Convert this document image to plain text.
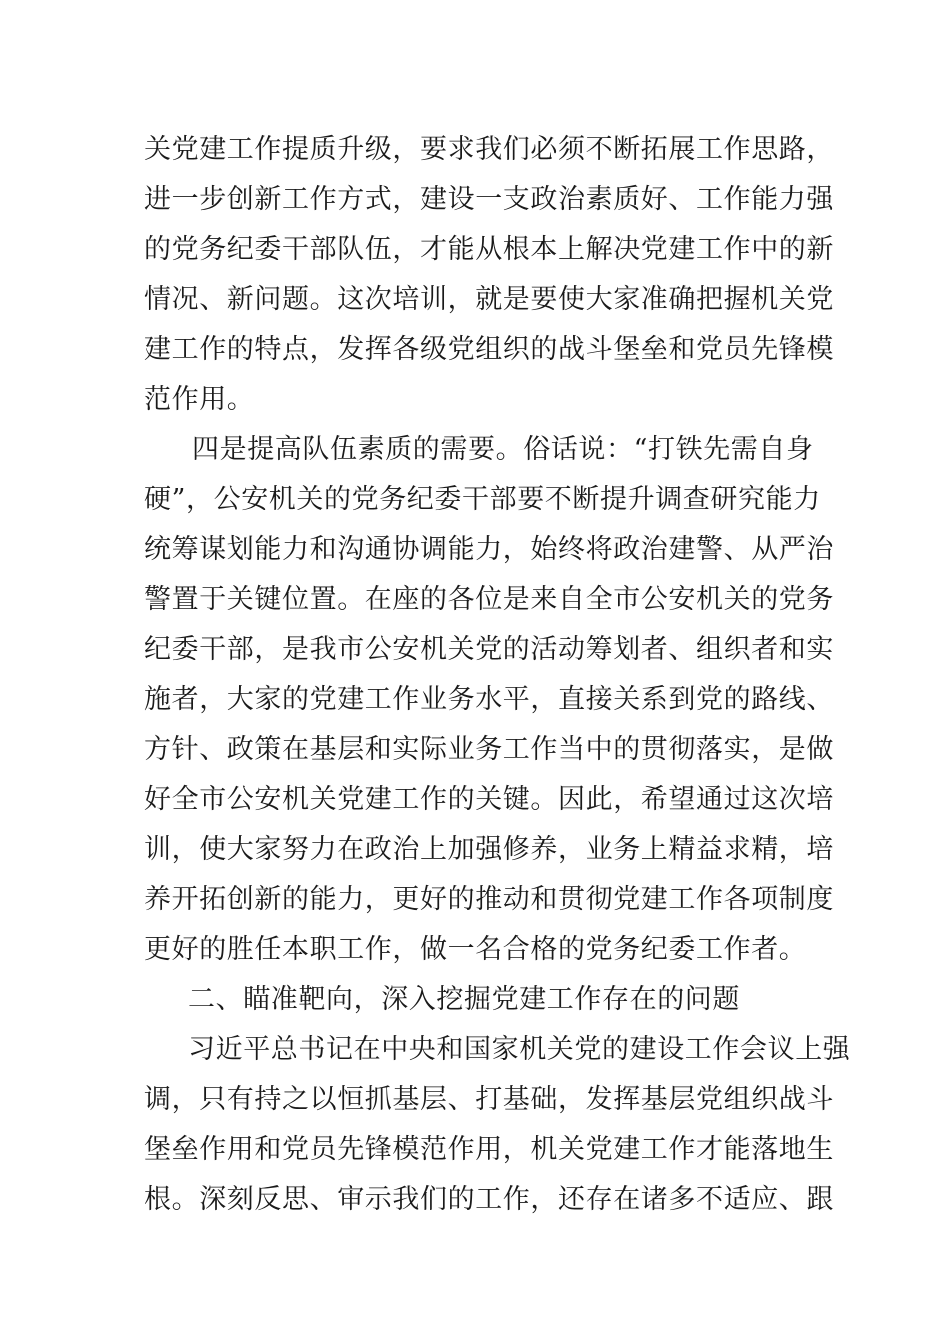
关党建工作提质升级，要求我们必须不断拓展工作思路，
进一步创新工作方式，建设一支政治素质好、工作能力强
的党务纪委干部队伍，才能从根本上解决党建工作中的新
情况、新问题。这次培训，就是要使大家准确把握机关党
建工作的特点，发挥各级党组织的战斗堡垒和党员先锋模
范作用。
四是提高队伍素质的需要。俗话说：“打铁先需自身
硬”，公安机关的党务纪委干部要不断提升调查研究能力
统筹谋划能力和沟通协调能力，始终将政治建警、从严治
警置于关键位置。在座的各位是来自全市公安机关的党务
纪委干部，是我市公安机关党的活动筹划者、组织者和实
施者，大家的党建工作业务水平，直接关系到党的路线、
方针、政策在基层和实际业务工作当中的贯彻落实，是做
好全市公安机关党建工作的关键。因此，希望通过这次培
训，使大家努力在政治上加强修养，业务上精益求精，培
养开拓创新的能力，更好的推动和贯彻党建工作各项制度
更好的胜任本职工作，做一名合格的党务纪委工作者。
二、瞄准靶向，深入挖掘党建工作存在的问题
习近平总书记在中央和国家机关党的建设工作会议上强
调，只有持之以恒抓基层、打基础，发挥基层党组织战斗
堡垒作用和党员先锋模范作用，机关党建工作才能落地生
根。深刻反思、审示我们的工作，还存在诸多不适应、跟
